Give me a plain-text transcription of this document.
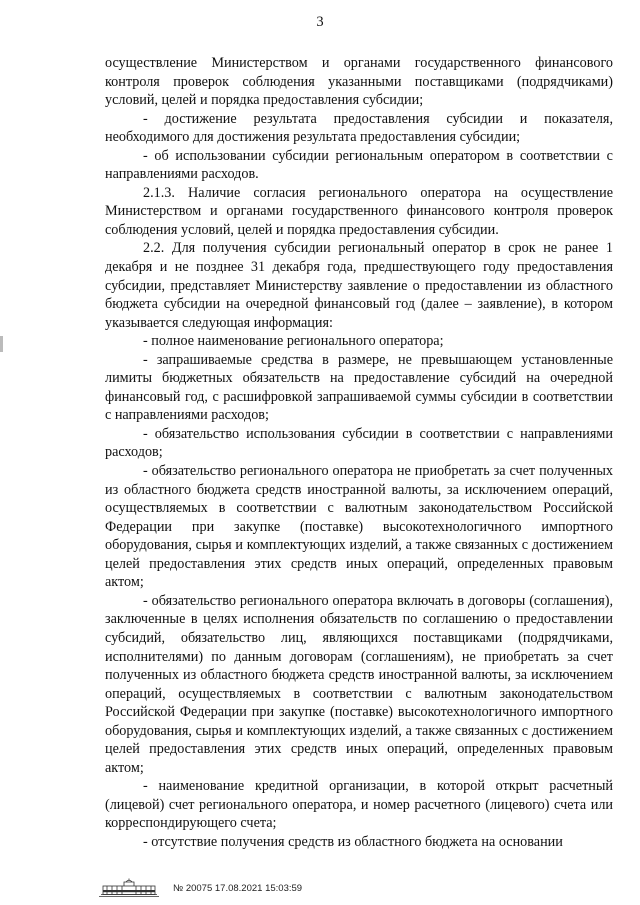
3

осуществление Министерством и органами государственного финансового контроля проверок соблюдения указанными поставщиками (подрядчиками) условий, целей и порядка предоставления субсидии;

- достижение результата предоставления субсидии и показателя, необходимого для достижения результата предоставления субсидии;

- об использовании субсидии региональным оператором в соответствии с направлениями расходов.

2.1.3. Наличие согласия регионального оператора на осуществление Министерством и органами государственного финансового контроля проверок соблюдения условий, целей и порядка предоставления субсидии.

2.2. Для получения субсидии региональный оператор в срок не ранее 1 декабря и не позднее 31 декабря года, предшествующего году предоставления субсидии, представляет Министерству заявление о предоставлении из областного бюджета субсидии на очередной финансовый год (далее – заявление), в котором указывается следующая информация:

- полное наименование регионального оператора;

- запрашиваемые средства в размере, не превышающем установленные лимиты бюджетных обязательств на предоставление субсидий на очередной финансовый год, с расшифровкой запрашиваемой суммы субсидии в соответствии с направлениями расходов;

- обязательство использования субсидии в соответствии с направлениями расходов;

- обязательство регионального оператора не приобретать за счет полученных из областного бюджета средств иностранной валюты, за исключением операций, осуществляемых в соответствии с валютным законодательством Российской Федерации при закупке (поставке) высокотехнологичного импортного оборудования, сырья и комплектующих изделий, а также связанных с достижением целей предоставления этих средств иных операций, определенных правовым актом;

- обязательство регионального оператора включать в договоры (соглашения), заключенные в целях исполнения обязательств по соглашению о предоставлении субсидий, обязательство лиц, являющихся поставщиками (подрядчиками, исполнителями) по данным договорам (соглашениям), не приобретать за счет полученных из областного бюджета средств иностранной валюты, за исключением операций, осуществляемых в соответствии с валютным законодательством Российской Федерации при закупке (поставке) высокотехнологичного импортного оборудования, сырья и комплектующих изделий, а также связанных с достижением целей предоставления этих средств иных операций, определенных правовым актом;

- наименование кредитной организации, в которой открыт расчетный (лицевой) счет регионального оператора, и номер расчетного (лицевого) счета или корреспондирующего счета;

- отсутствие получения средств из областного бюджета на основании

№ 20075 17.08.2021 15:03:59
